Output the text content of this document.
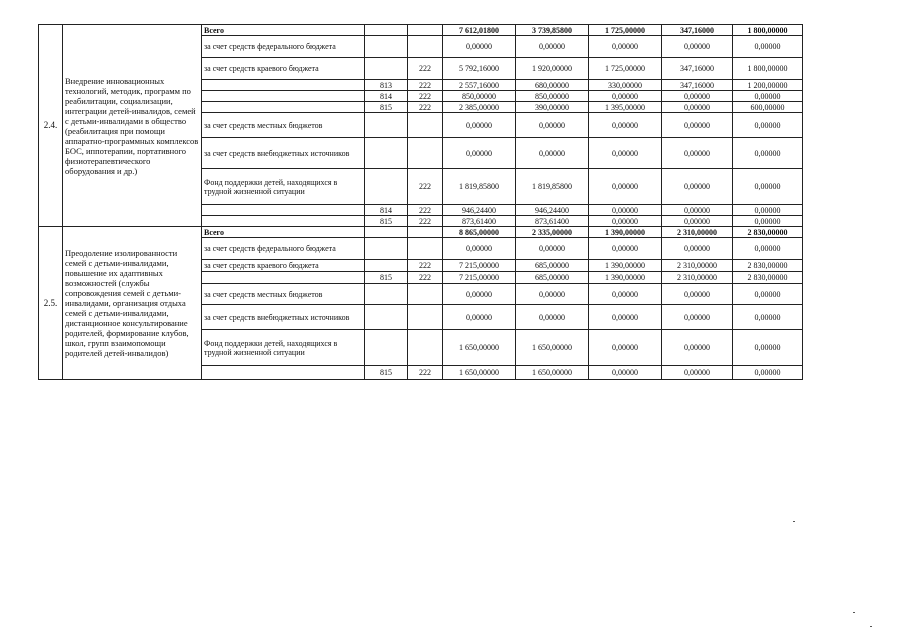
2.4.	Внедрение инновационных технологий, методик, программ по реабилитации, социализации, интеграции детей-инвалидов, семей с детьми-инвалидами в общество (реабилитация при помощи аппаратно-программных комплексов БОС, иппотерапии, портативного физиотерапевтического оборудования и др.)	Всего			7 612,01800	3 739,85800	1 725,00000	347,16000	1 800,00000
		за счет средств федерального бюджета			0,00000	0,00000	0,00000	0,00000	0,00000
		за счет средств краевого бюджета		222	5 792,16000	1 920,00000	1 725,00000	347,16000	1 800,00000
			813	222	2 557,16000	680,00000	330,00000	347,16000	1 200,00000
			814	222	850,00000	850,00000	0,00000	0,00000	0,00000
			815	222	2 385,00000	390,00000	1 395,00000	0,00000	600,00000
		за счет средств местных бюджетов			0,00000	0,00000	0,00000	0,00000	0,00000
		за счет средств внебюджетных источников			0,00000	0,00000	0,00000	0,00000	0,00000
		Фонд поддержки детей, находящихся в трудной жизненной ситуации		222	1 819,85800	1 819,85800	0,00000	0,00000	0,00000
			814	222	946,24400	946,24400	0,00000	0,00000	0,00000
			815	222	873,61400	873,61400	0,00000	0,00000	0,00000
2.5.	Преодоление изолированности семей с детьми-инвалидами, повышение их адаптивных возможностей (службы сопровождения семей с детьми-инвалидами, организация отдыха семей с детьми-инвалидами, дистанционное консультирование родителей, формирование клубов, школ, групп взаимопомощи родителей детей-инвалидов)	Всего			8 865,00000	2 335,00000	1 390,00000	2 310,00000	2 830,00000
		за счет средств федерального бюджета			0,00000	0,00000	0,00000	0,00000	0,00000
		за счет средств краевого бюджета		222	7 215,00000	685,00000	1 390,00000	2 310,00000	2 830,00000
			815	222	7 215,00000	685,00000	1 390,00000	2 310,00000	2 830,00000
		за счет средств местных бюджетов			0,00000	0,00000	0,00000	0,00000	0,00000
		за счет средств внебюджетных источников			0,00000	0,00000	0,00000	0,00000	0,00000
		Фонд поддержки детей, находящихся в трудной жизненной ситуации			1 650,00000	1 650,00000	0,00000	0,00000	0,00000
			815	222	1 650,00000	1 650,00000	0,00000	0,00000	0,00000
